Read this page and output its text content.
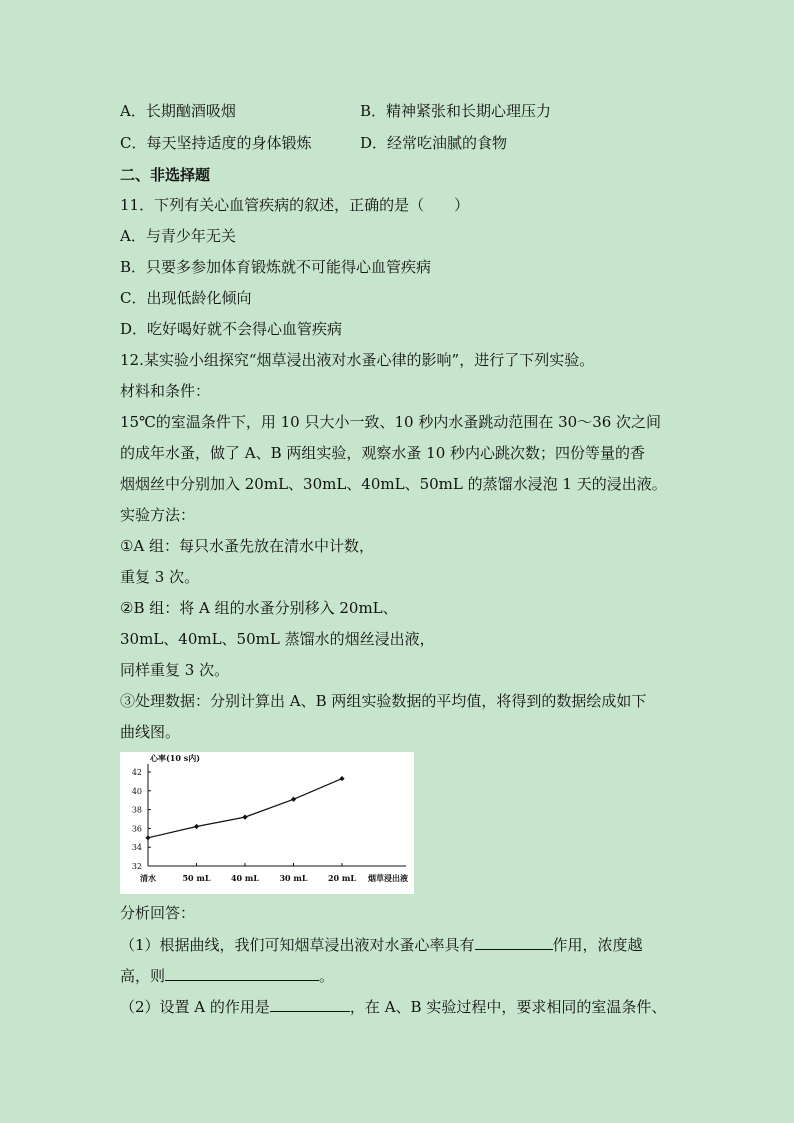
A．长期酗酒吸烟	B．精神紧张和长期心理压力
C．每天坚持适度的身体锻炼	D．经常吃油腻的食物
二、非选择题
11．下列有关心血管疾病的叙述，正确的是（　　）
A．与青少年无关
B．只要多参加体育锻炼就不可能得心血管疾病
C．出现低龄化倾向
D．吃好喝好就不会得心血管疾病
12.某实验小组探究“烟草浸出液对水蚤心律的影响”，进行了下列实验。
材料和条件：
15℃的室温条件下，用 10 只大小一致、10 秒内水蚤跳动范围在 30～36 次之间
的成年水蚤，做了 A、B 两组实验，观察水蚤 10 秒内心跳次数；四份等量的香
烟烟丝中分别加入 20mL、30mL、40mL、50mL 的蒸馏水浸泡 1 天的浸出液。
实验方法：
①A 组：每只水蚤先放在清水中计数，
重复 3 次。
②B 组：将 A 组的水蚤分别移入 20mL、
30mL、40mL、50mL 蒸馏水的烟丝浸出液，
同样重复 3 次。
③处理数据：分别计算出 A、B 两组实验数据的平均值，将得到的数据绘成如下
曲线图。
32
34
36
38
40
42
心率(10 s内)
清水	50 mL	40 mL	30 mL	20 mL 烟草浸出液
分析回答：
（1）根据曲线，我们可知烟草浸出液对水蚤心率具有	作用，浓度越
高，则	。
（2）设置 A 的作用是	，在 A、B 实验过程中，要求相同的室温条件、
